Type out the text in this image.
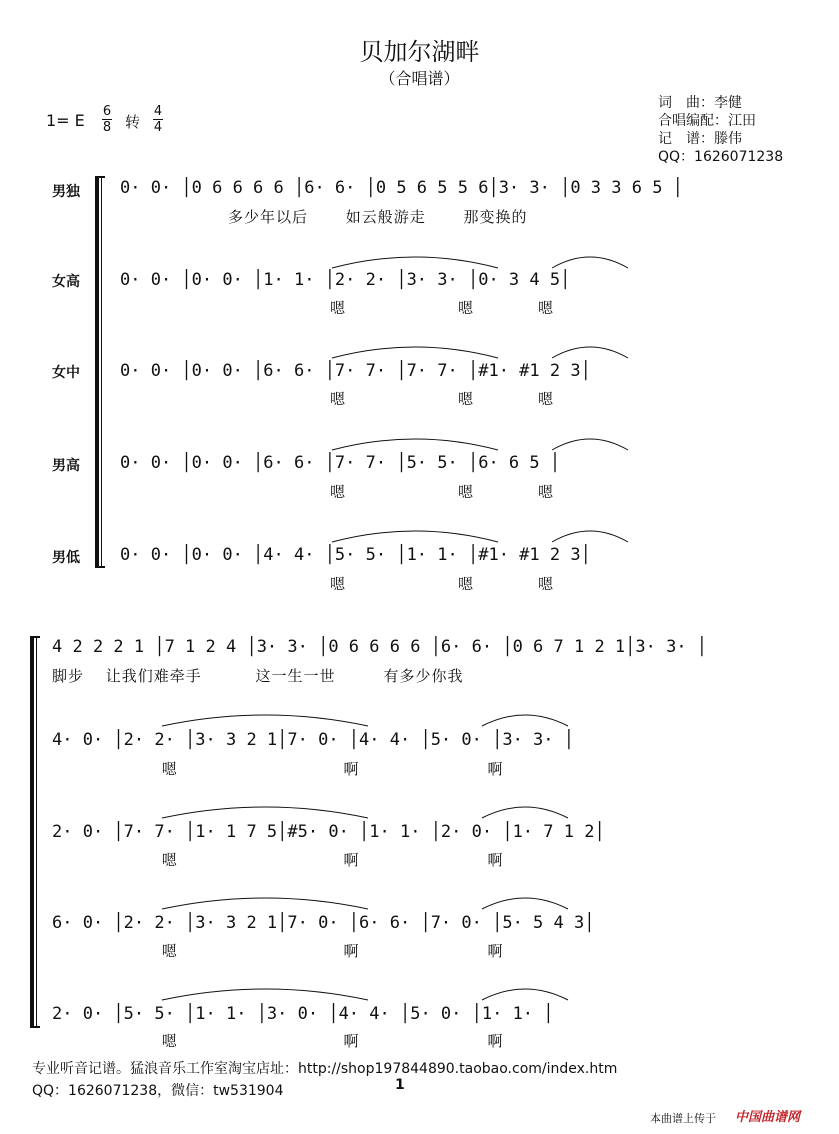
贝加尔湖畔
（合唱谱）
1= E 6
8 转
4
4
词　曲：李健
合唱编配：江田
记　谱：滕伟
QQ：1626071238
男独 0· 0· │0 6 6 6 6 │6· 6· │0 5 6 5 5 6│3· 3· │0 3 3 6 5 │
多少年以后　　 如云般游走　　 那变换的
女高 0· 0· │0· 0· │1· 1· │2· 2· │3· 3· │0· 3 4 5│
嗯　　　　　　　嗯　　　　嗯
女中 0· 0· │0· 0· │6· 6· │7· 7· │7· 7· │#1· #1 2 3│
嗯　　　　　　　嗯　　　　嗯
男高 0· 0· │0· 0· │6· 6· │7· 7· │5· 5· │6· 6 5 │
嗯　　　　　　　嗯　　　　嗯
男低 0· 0· │0· 0· │4· 4· │5· 5· │1· 1· │#1· #1 2 3│
嗯　　　　　　　嗯　　　　嗯
4 2 2 2 1 │7 1 2 4 │3· 3· │0 6 6 6 6 │6· 6· │0 6 7 1 2 1│3· 3· │
脚步　 让我们难牵手　　　 这一生一世　　　有多少你我
4· 0· │2· 2· │3· 3 2 1│7· 0· │4· 4· │5· 0· │3· 3· │
　　　 嗯　　　　　　　　　　 啊　　　　　　　　啊
2· 0· │7· 7· │1· 1 7 5│#5· 0· │1· 1· │2· 0· │1· 7 1 2│
　　　 嗯　　　　　　　　　　 啊　　　　　　　　啊
6· 0· │2· 2· │3· 3 2 1│7· 0· │6· 6· │7· 0· │5· 5 4 3│
　　　 嗯　　　　　　　　　　 啊　　　　　　　　啊
2· 0· │5· 5· │1· 1· │3· 0· │4· 4· │5· 0· │1· 1· │
　　　 嗯　　　　　　　　　　 啊　　　　　　　　啊
专业听音记谱。猛浪音乐工作室淘宝店址：http://shop197844890.taobao.com/index.htm
QQ：1626071238，微信：tw531904	1
本曲谱上传于 中国曲谱网
